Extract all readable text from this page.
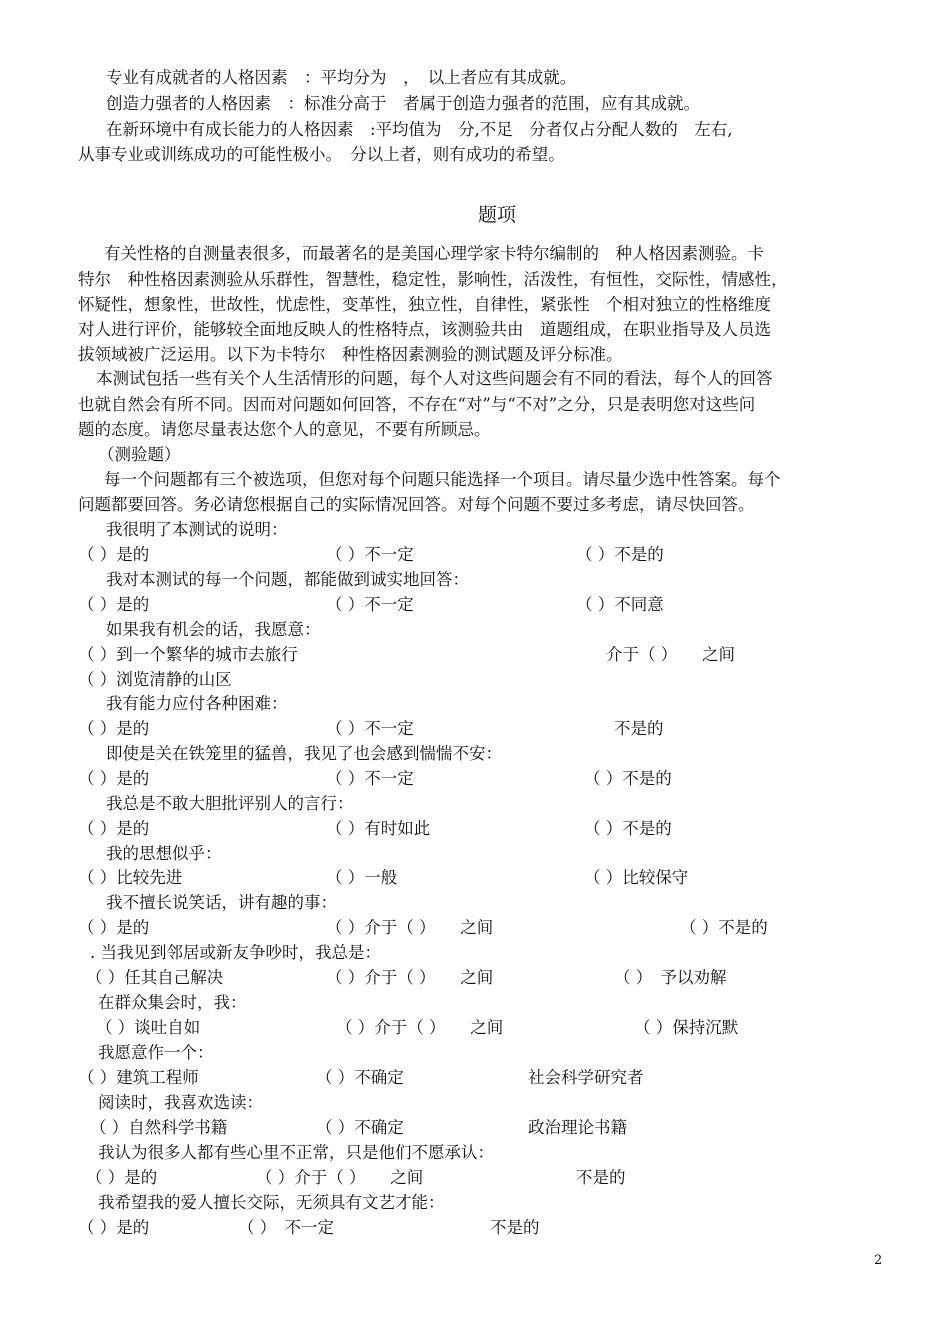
专业有成就者的人格因素　：平均分为　，　以上者应有其成就。
创造力强者的人格因素　：标准分高于　者属于创造力强者的范围，应有其成就。
在新环境中有成长能力的人格因素　:平均值为　分,不足　分者仅占分配人数的　左右,
从事专业或训练成功的可能性极小。　分以上者，则有成功的希望。
题项
有关性格的自测量表很多，而最著名的是美国心理学家卡特尔编制的　种人格因素测验。卡
特尔　种性格因素测验从乐群性，智慧性，稳定性，影响性，活泼性，有恒性，交际性，情感性，
怀疑性，想象性，世故性，忧虑性，变革性，独立性，自律性，紧张性　个相对独立的性格维度
对人进行评价，能够较全面地反映人的性格特点，该测验共由　道题组成，在职业指导及人员选
拔领域被广泛运用。以下为卡特尔　种性格因素测验的测试题及评分标准。
本测试包括一些有关个人生活情形的问题，每个人对这些问题会有不同的看法，每个人的回答
也就自然会有所不同。因而对问题如何回答，不存在“对”与“不对”之分，只是表明您对这些问
题的态度。请您尽量表达您个人的意见，不要有所顾忌。
（测验题）
每一个问题都有三个被选项，但您对每个问题只能选择一个项目。请尽量少选中性答案。每个
问题都要回答。务必请您根据自己的实际情况回答。对每个问题不要过多考虑，请尽快回答。
我很明了本测试的说明：
（ ）是的	（ ）不一定	（ ）不是的
我对本测试的每一个问题，都能做到诚实地回答：
（ ）是的	（ ）不一定	（ ）不同意
如果我有机会的话，我愿意：
（ ）到一个繁华的城市去旅行	介于（ ）　　之间
（ ）浏览清静的山区
我有能力应付各种困难：
（ ）是的	（ ）不一定	不是的
即使是关在铁笼里的猛兽，我见了也会感到惴惴不安：
（ ）是的	（ ）不一定	（ ）不是的
我总是不敢大胆批评别人的言行：
（ ）是的	（ ）有时如此	（ ）不是的
我的思想似乎：
（ ）比较先进	（ ）一般	（ ）比较保守
我不擅长说笑话，讲有趣的事：
（ ）是的	（ ）介于（ ）　　之间	（ ）不是的
. 当我见到邻居或新友争吵时，我总是：
（ ）任其自己解决	（ ）介于（ ）　　之间	（ ）　予以劝解
在群众集会时，我：
（ ）谈吐自如	（ ）介于（ ）　　之间	（ ）保持沉默
我愿意作一个：
（ ）建筑工程师	（ ）不确定	社会科学研究者
阅读时，我喜欢选读：
（ ）自然科学书籍	（ ）不确定	政治理论书籍
我认为很多人都有些心里不正常，只是他们不愿承认：
（ ）是的	（ ）介于（ ）　　之间	不是的
我希望我的爱人擅长交际，无须具有文艺才能：
（ ）是的	（ ）　不一定	不是的
2
